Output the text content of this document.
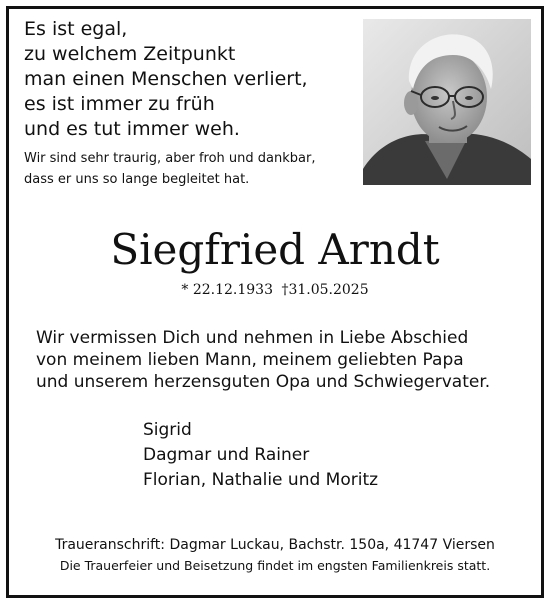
Es ist egal,
zu welchem Zeitpunkt
man einen Menschen verliert,
es ist immer zu früh
und es tut immer weh.
Wir sind sehr traurig, aber froh und dankbar,
dass er uns so lange begleitet hat.
Siegfried Arndt
* 22.12.1933 †31.05.2025
Wir vermissen Dich und nehmen in Liebe Abschied
von meinem lieben Mann, meinem geliebten Papa
und unserem herzensguten Opa und Schwiegervater.
Sigrid
Dagmar und Rainer
Florian, Nathalie und Moritz
Traueranschrift: Dagmar Luckau, Bachstr. 150a, 41747 Viersen
Die Trauerfeier und Beisetzung findet im engsten Familienkreis statt.
